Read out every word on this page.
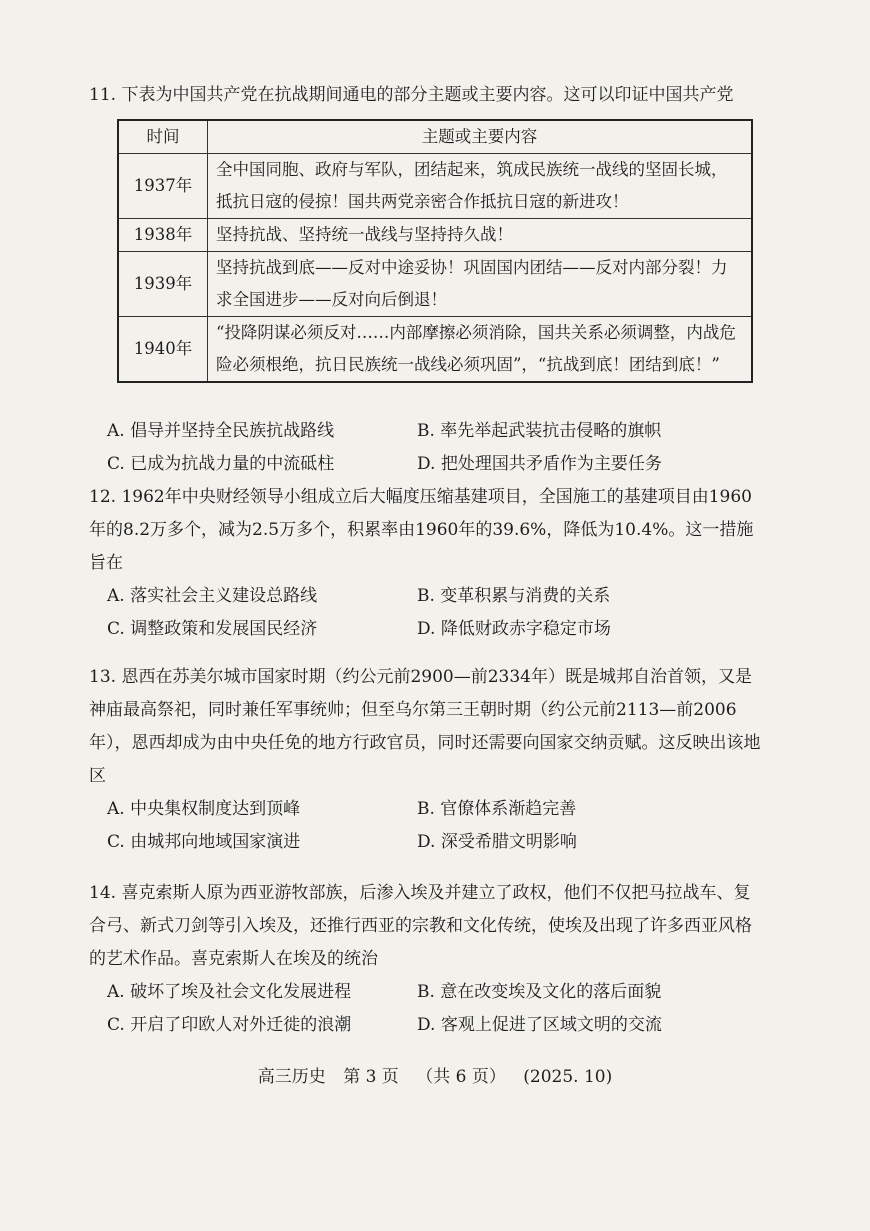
11. 下表为中国共产党在抗战期间通电的部分主题或主要内容。这可以印证中国共产党

时间	主题或主要内容
1937年	全中国同胞、政府与军队，团结起来，筑成民族统一战线的坚固长城，抵抗日寇的侵掠！国共两党亲密合作抵抗日寇的新进攻！
1938年	坚持抗战、坚持统一战线与坚持持久战！
1939年	坚持抗战到底——反对中途妥协！巩固国内团结——反对内部分裂！力求全国进步——反对向后倒退！
1940年	“投降阴谋必须反对……内部摩擦必须消除，国共关系必须调整，内战危险必须根绝，抗日民族统一战线必须巩固”，“抗战到底！团结到底！”
A. 倡导并坚持全民族抗战路线	B. 率先举起武装抗击侵略的旗帜
C. 已成为抗战力量的中流砥柱	D. 把处理国共矛盾作为主要任务

12. 1962年中央财经领导小组成立后大幅度压缩基建项目，全国施工的基建项目由1960年的8.2万多个，减为2.5万多个，积累率由1960年的39.6%，降低为10.4%。这一措施旨在

A. 落实社会主义建设总路线	B. 变革积累与消费的关系
C. 调整政策和发展国民经济	D. 降低财政赤字稳定市场

13. 恩西在苏美尔城市国家时期（约公元前2900—前2334年）既是城邦自治首领，又是神庙最高祭祀，同时兼任军事统帅；但至乌尔第三王朝时期（约公元前2113—前2006年），恩西却成为由中央任免的地方行政官员，同时还需要向国家交纳贡赋。这反映出该地区

A. 中央集权制度达到顶峰	B. 官僚体系渐趋完善
C. 由城邦向地域国家演进	D. 深受希腊文明影响

14. 喜克索斯人原为西亚游牧部族，后渗入埃及并建立了政权，他们不仅把马拉战车、复合弓、新式刀剑等引入埃及，还推行西亚的宗教和文化传统，使埃及出现了许多西亚风格的艺术作品。喜克索斯人在埃及的统治

A. 破坏了埃及社会文化发展进程	B. 意在改变埃及文化的落后面貌
C. 开启了印欧人对外迁徙的浪潮	D. 客观上促进了区域文明的交流
高三历史 第 3 页 （共 6 页） (2025. 10)
